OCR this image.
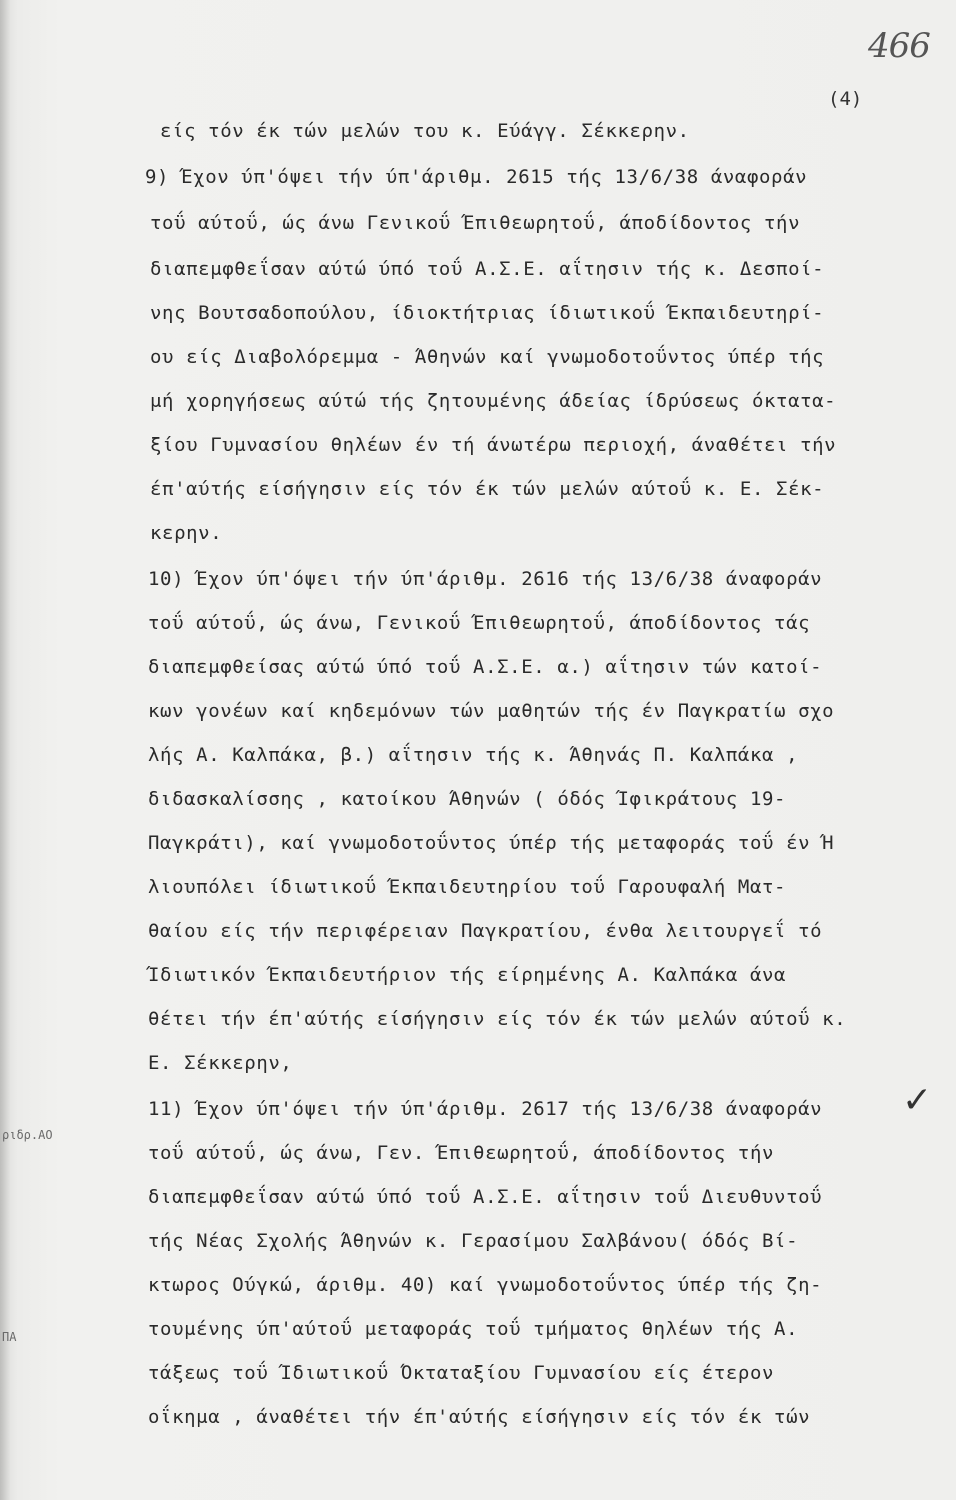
466
(4)
είς τόν έκ τών μελών του κ. Εύάγγ. Σέκκερην.
9) Έχον ύπ'όψει τήν ύπ'άριθμ. 2615 τής 13/6/38 άναφοράν
τοΰ αύτοΰ, ώς άνω Γενικοΰ Έπιθεωρητοΰ, άποδίδοντος τήν
διαπεμφθεΐσαν αύτώ ύπό τοΰ Α.Σ.Ε. αΐτησιν τής κ. Δεσποί-
νης Βουτσαδοπούλου, ίδιοκτήτριας ίδιωτικοΰ Έκπαιδευτηρί-
ου είς Διαβολόρεμμα - Άθηνών καί γνωμοδοτοΰντος ύπέρ τής
μή χορηγήσεως αύτώ τής ζητουμένης άδείας ίδρύσεως όκτατα-
ξίου Γυμνασίου θηλέων έν τή άνωτέρω περιοχή, άναθέτει τήν
έπ'αύτής είσήγησιν είς τόν έκ τών μελών αύτοΰ κ. Ε. Σέκ-
κερην.
10) Έχον ύπ'όψει τήν ύπ'άριθμ. 2616 τής 13/6/38 άναφοράν
τοΰ αύτοΰ, ώς άνω, Γενικοΰ Έπιθεωρητοΰ, άποδίδοντος τάς
διαπεμφθείσας αύτώ ύπό τοΰ Α.Σ.Ε. α.) αΐτησιν τών κατοί-
κων γονέων καί κηδεμόνων τών μαθητών τής έν Παγκρατίω σχο
λής Α. Καλπάκα, β.) αΐτησιν τής κ. Άθηνάς Π. Καλπάκα ,
διδασκαλίσσης , κατοίκου Άθηνών ( όδός Ίφικράτους 19-
Παγκράτι), καί γνωμοδοτοΰντος ύπέρ τής μεταφοράς τοΰ έν Ή
λιουπόλει ίδιωτικοΰ Έκπαιδευτηρίου τοΰ Γαρουφαλή Ματ-
θαίου είς τήν περιφέρειαν Παγκρατίου, ένθα λειτουργεΐ τό
Ίδιωτικόν Έκπαιδευτήριον τής είρημένης Α. Καλπάκα άνα
θέτει τήν έπ'αύτής είσήγησιν είς τόν έκ τών μελών αύτοΰ κ.
Ε. Σέκκερην,
11) Έχον ύπ'όψει τήν ύπ'άριθμ. 2617 τής 13/6/38 άναφοράν
τοΰ αύτοΰ, ώς άνω, Γεν. Έπιθεωρητοΰ, άποδίδοντος τήν
διαπεμφθεΐσαν αύτώ ύπό τοΰ Α.Σ.Ε. αΐτησιν τοΰ Διευθυντοΰ
τής Νέας Σχολής Άθηνών κ. Γερασίμου Σαλβάνου( όδός Βί-
κτωρος Ούγκώ, άριθμ. 40) καί γνωμοδοτοΰντος ύπέρ τής ζη-
τουμένης ύπ'αύτοΰ μεταφοράς τοΰ τμήματος θηλέων τής Α.
τάξεως τοΰ Ίδιωτικοΰ Όκταταξίου Γυμνασίου είς έτερον
οΐκημα , άναθέτει τήν έπ'αύτής είσήγησιν είς τόν έκ τών
ριδρ.ΑΟ
ΠΑ
✓
